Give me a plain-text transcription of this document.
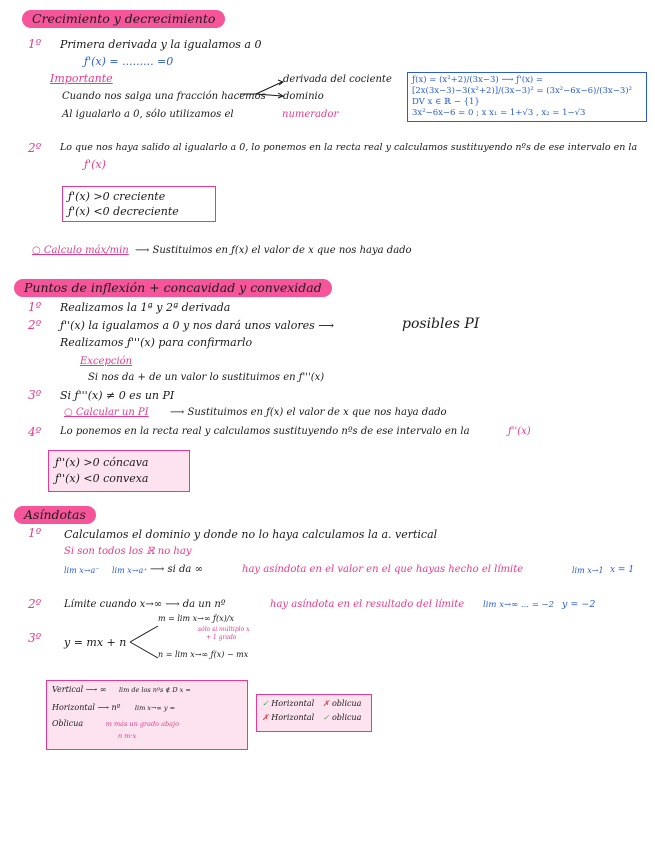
Crecimiento y decrecimiento
1º Primera derivada y la igualamos a 0
ƒ'(x) = ......... =0
Importante
Cuando nos salga una fracción hacemos
derivada del cociente
dominio
Al igualarlo a 0, sólo utilizamos el	numerador
ƒ(x) = (x²+2)/(3x−3) ⟶ ƒ'(x) = [2x(3x−3)−3(x²+2)]/(3x−3)² = (3x²−6x−6)/(3x−3)²
DV x ∈ ℝ − {1}
3x²−6x−6 = 0 ; x x₁ = 1+√3 , x₂ = 1−√3
2º Lo que nos haya salido al igualarlo a 0, lo ponemos en la recta real y calculamos sustituyendo nºs de ese intervalo en la
ƒ'(x)
ƒ'(x) >0 creciente
ƒ'(x) <0 decreciente
○ Calculo máx/min ⟶ Sustituimos en ƒ(x) el valor de x que nos haya dado
Puntos de inflexión + concavidad y convexidad
1º Realizamos la 1ª y 2ª derivada
2º ƒ''(x) la igualamos a 0 y nos dará unos valores ⟶	posibles PI
Realizamos ƒ'''(x) para confirmarlo
Excepción
Si nos da + de un valor lo sustituimos en ƒ'''(x)
3º Si ƒ'''(x) ≠ 0 es un PI
○ Calcular un PI ⟶ Sustituimos en ƒ(x) el valor de x que nos haya dado
4º Lo ponemos en la recta real y calculamos sustituyendo nºs de ese intervalo en la	ƒ''(x)
ƒ''(x) >0 cóncava
ƒ''(x) <0 convexa
Asíndotas
1º Calculamos el dominio y donde no lo haya calculamos la a. vertical
Si son todos los ℝ no hay
lim x→a⁻ lim x→a⁺ ⟶ si da ∞	hay asíndota en el valor en el que hayas hecho el límite	lim x→1 x = 1
2º Límite cuando x→∞ ⟶ da un nº	hay asíndota en el resultado del límite lim x→∞ ... = −2 y = −2
3º y = mx + n
m = lim x→∞ ƒ(x)/x
sólo si múltiplo x
+ 1 grado
n = lim x→∞ ƒ(x) − mx
Vertical ⟶ ∞ lim de los nºs ∉ D x =
Horizontal ⟶ nº lim x→∞ y =
Oblicua	m más un grado abajo
n m·x
✓ Horizontal ✗ oblicua
✗ Horizontal ✓ oblicua
